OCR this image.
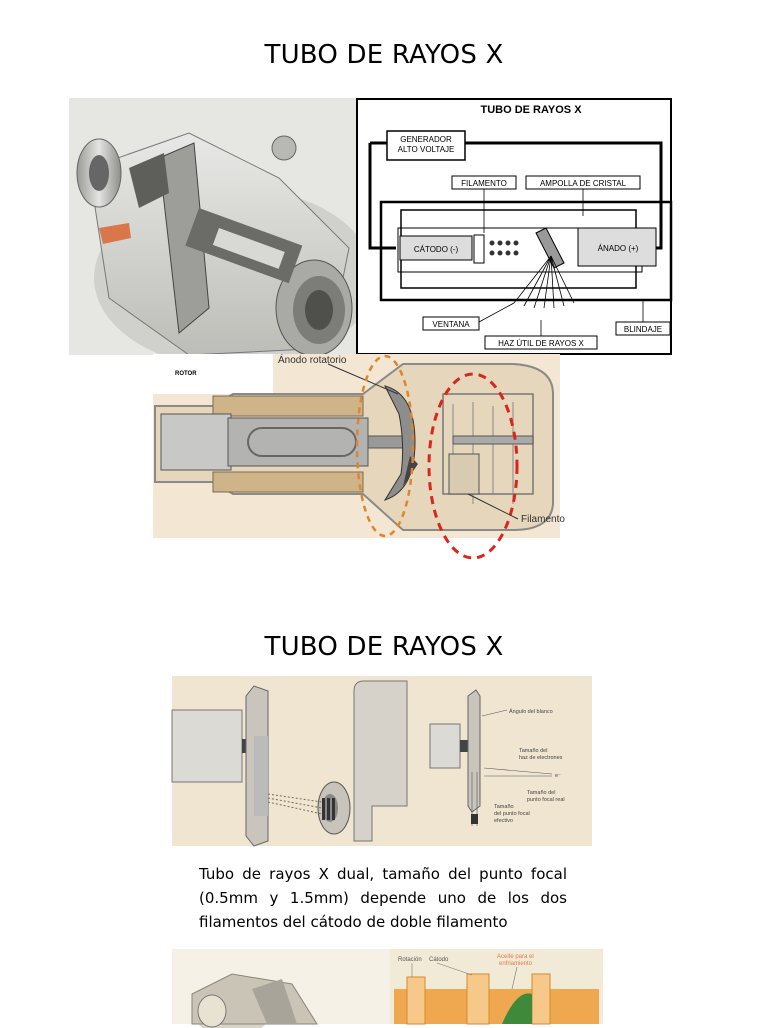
TUBO DE RAYOS X
TUBO DE RAYOS X
GENERADOR
ALTO VOLTAJE
FILAMENTO	AMPOLLA DE CRISTAL
CÁTODO (-)	ÁNADO (+)
VENTANA
HAZ ÚTIL DE RAYOS X
BLINDAJE
ROTOR
Ánodo rotatorio
Filamento
TUBO DE RAYOS X
Ángulo del blanco
Tamaño del
haz de electrones
e⁻
Tamaño del
punto focal real
Tamaño
del punto focal
efectivo
Tubo de rayos X dual, tamaño del punto focal (0.5mm y 1.5mm) depende uno de los dos filamentos del cátodo de doble filamento
Rotación Cátodo	Aceite para el
enfriamiento
